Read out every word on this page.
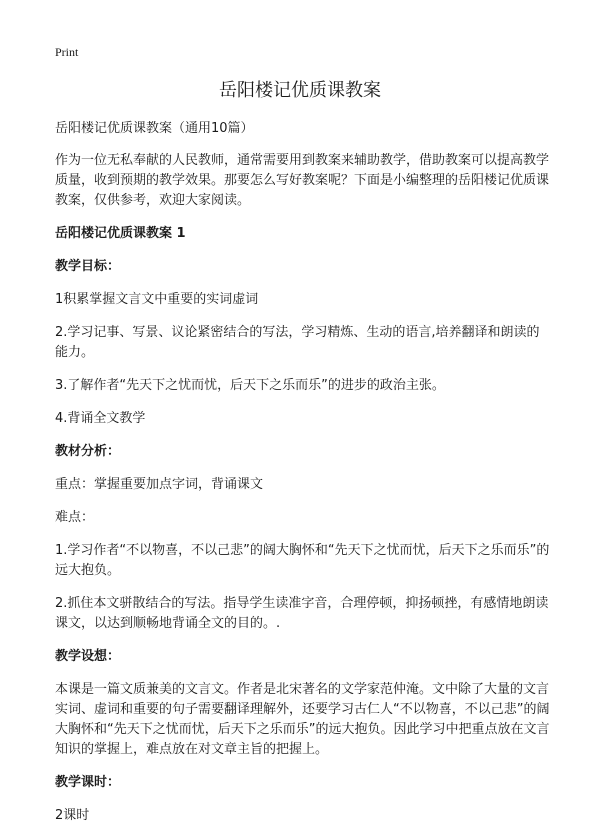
Print
岳阳楼记优质课教案

岳阳楼记优质课教案（通用10篇）

作为一位无私奉献的人民教师，通常需要用到教案来辅助教学，借助教案可以提高教学质量，收到预期的教学效果。那要怎么写好教案呢？下面是小编整理的岳阳楼记优质课教案，仅供参考，欢迎大家阅读。

岳阳楼记优质课教案 1

教学目标：

1积累掌握文言文中重要的实词虚词

2.学习记事、写景、议论紧密结合的写法，学习精炼、生动的语言,培养翻译和朗读的能力。

3.了解作者“先天下之忧而忧，后天下之乐而乐”的进步的政治主张。

4.背诵全文教学

教材分析：

重点：掌握重要加点字词，背诵课文

难点：

1.学习作者“不以物喜，不以己悲”的阔大胸怀和“先天下之忧而忧，后天下之乐而乐”的远大抱负。

2.抓住本文骈散结合的写法。指导学生读准字音，合理停顿，抑扬顿挫，有感情地朗读课文，以达到顺畅地背诵全文的目的。.

教学设想：

本课是一篇文质兼美的文言文。作者是北宋著名的文学家范仲淹。文中除了大量的文言实词、虚词和重要的句子需要翻译理解外，还要学习古仁人“不以物喜，不以己悲”的阔大胸怀和“先天下之忧而忧，后天下之乐而乐”的远大抱负。因此学习中把重点放在文言知识的掌握上，难点放在对文章主旨的把握上。

教学课时：

2课时
